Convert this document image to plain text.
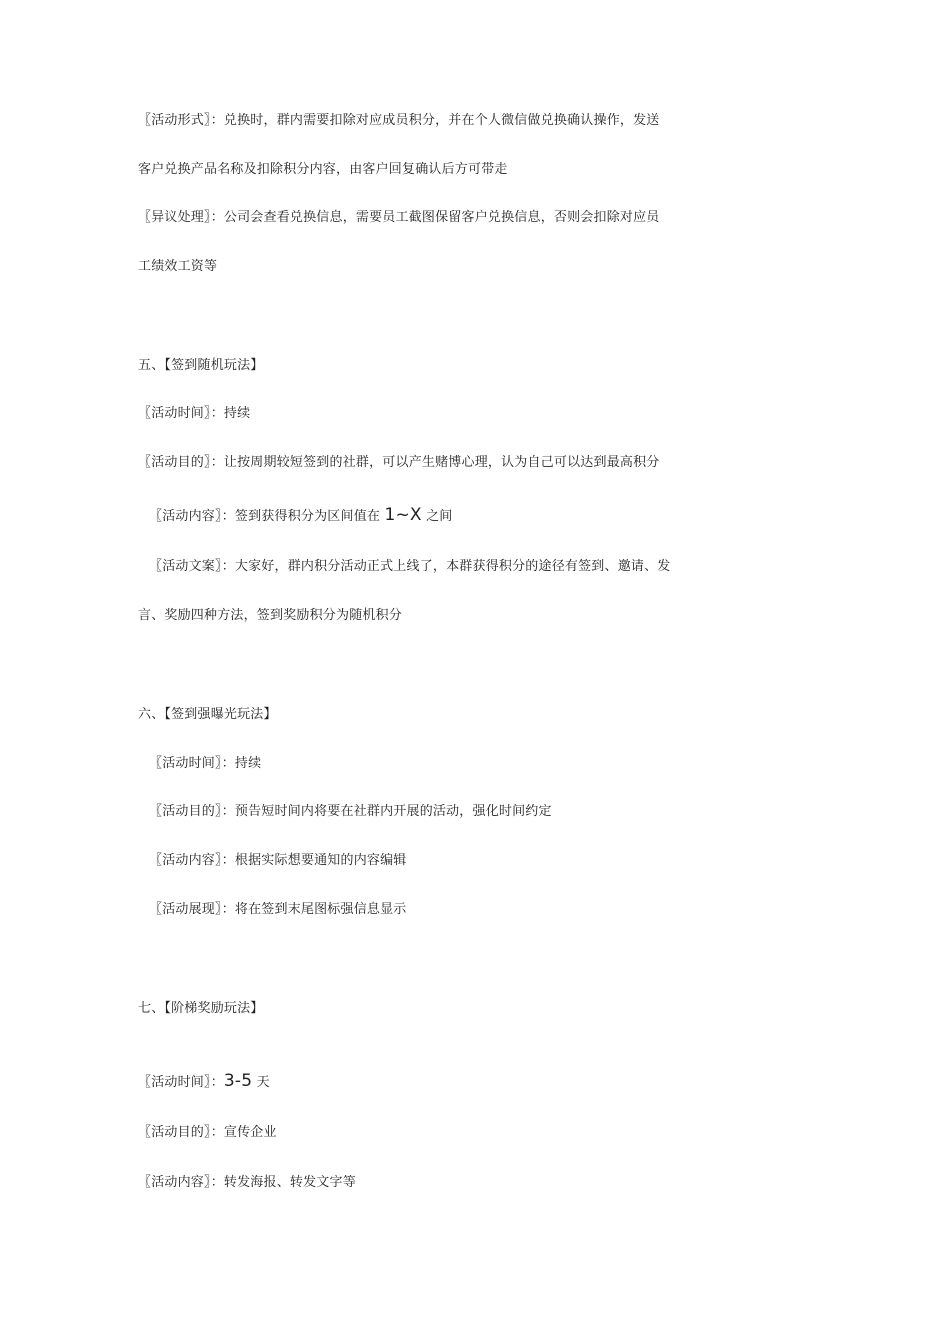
〖活动形式〗：兑换时，群内需要扣除对应成员积分，并在个人微信做兑换确认操作，发送
客户兑换产品名称及扣除积分内容，由客户回复确认后方可带走
〖异议处理〗：公司会查看兑换信息，需要员工截图保留客户兑换信息，否则会扣除对应员
工绩效工资等
五、【签到随机玩法】
〖活动时间〗：持续
〖活动目的〗：让按周期较短签到的社群，可以产生赌博心理，认为自己可以达到最高积分
〖活动内容〗：签到获得积分为区间值在 1~X 之间
〖活动文案〗：大家好，群内积分活动正式上线了，本群获得积分的途径有签到、邀请、发
言、奖励四种方法，签到奖励积分为随机积分
六、【签到强曝光玩法】
〖活动时间〗：持续
〖活动目的〗：预告短时间内将要在社群内开展的活动，强化时间约定
〖活动内容〗：根据实际想要通知的内容编辑
〖活动展现〗：将在签到末尾图标强信息显示
七、【阶梯奖励玩法】
〖活动时间〗：3-5 天
〖活动目的〗：宣传企业
〖活动内容〗：转发海报、转发文字等
